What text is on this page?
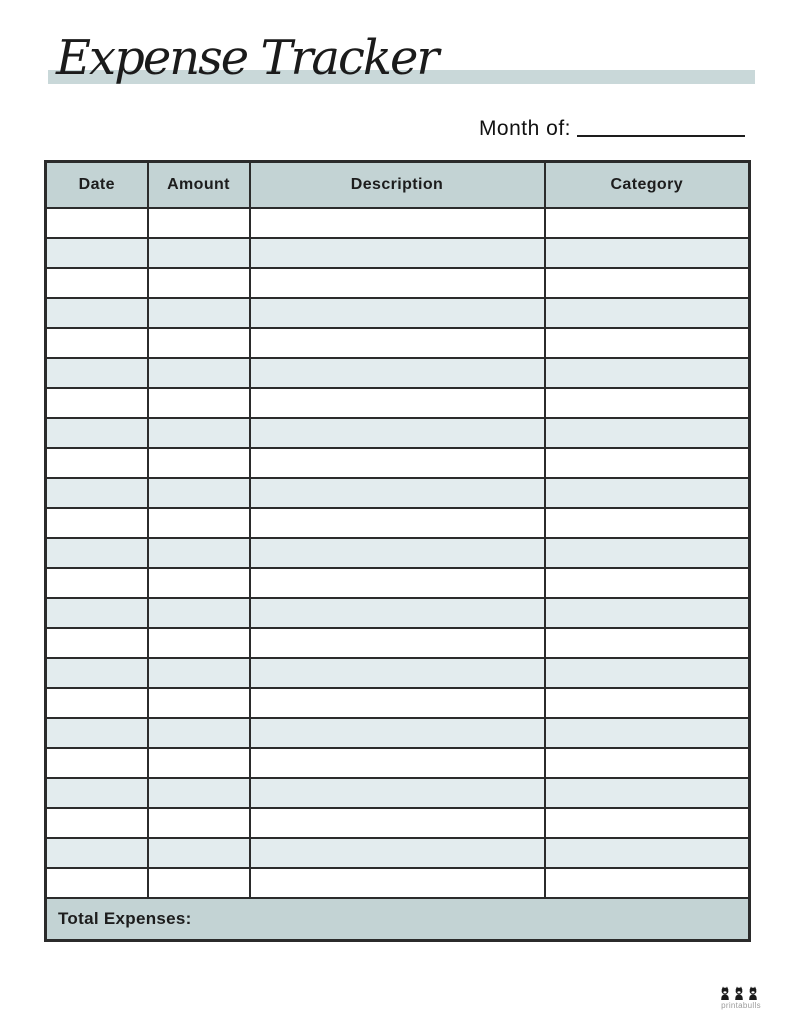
Expense Tracker
Month of:
Date	Amount	Description	Category

Total Expenses:			
printabulls
